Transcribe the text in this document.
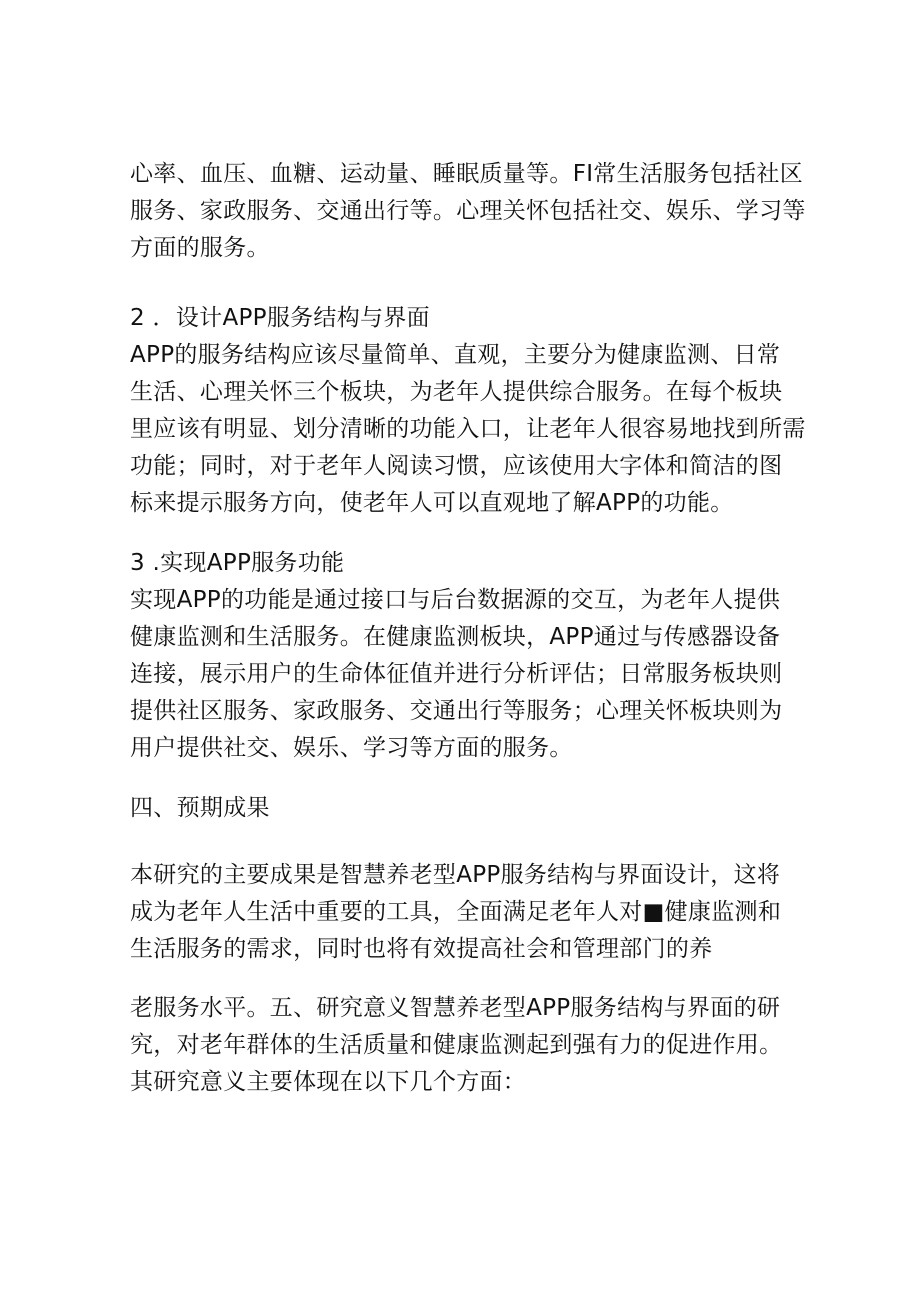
心率、血压、血糖、运动量、睡眠质量等。FI常生活服务包括社区
服务、家政服务、交通出行等。心理关怀包括社交、娱乐、学习等
方面的服务。
2 ．设计APP服务结构与界面
APP的服务结构应该尽量简单、直观，主要分为健康监测、日常
生活、心理关怀三个板块，为老年人提供综合服务。在每个板块
里应该有明显、划分清晰的功能入口，让老年人很容易地找到所需
功能；同时，对于老年人阅读习惯，应该使用大字体和简洁的图
标来提示服务方向，使老年人可以直观地了解APP的功能。
3 .实现APP服务功能
实现APP的功能是通过接口与后台数据源的交互，为老年人提供
健康监测和生活服务。在健康监测板块，APP通过与传感器设备
连接，展示用户的生命体征值并进行分析评估；日常服务板块则
提供社区服务、家政服务、交通出行等服务；心理关怀板块则为
用户提供社交、娱乐、学习等方面的服务。
四、预期成果
本研究的主要成果是智慧养老型APP服务结构与界面设计，这将
成为老年人生活中重要的工具，全面满足老年人对■健康监测和
生活服务的需求，同时也将有效提高社会和管理部门的养
老服务水平。五、研究意义智慧养老型APP服务结构与界面的研
究，对老年群体的生活质量和健康监测起到强有力的促进作用。
其研究意义主要体现在以下几个方面：
